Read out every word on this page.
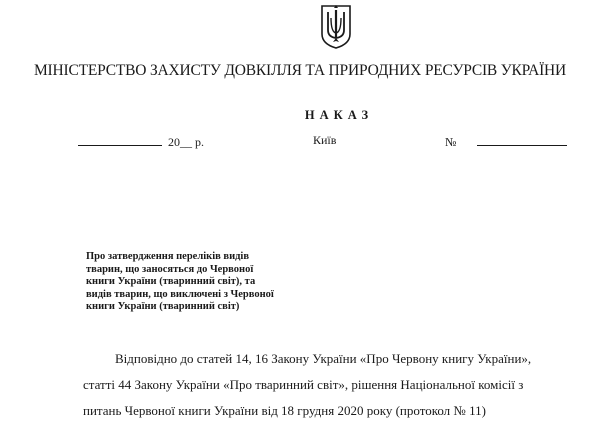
МІНІСТЕРСТВО ЗАХИСТУ ДОВКІЛЛЯ ТА ПРИРОДНИХ РЕСУРСІВ УКРАЇНИ
НАКАЗ
20__ р.	Київ	№
Про затвердження переліків видів
тварин, що заносяться до Червоної
книги України (тваринний світ), та
видів тварин, що виключені з Червоної
книги України (тваринний світ)
Відповідно до статей 14, 16 Закону України «Про Червону книгу України»,
статті 44 Закону України «Про тваринний світ», рішення Національної комісії з
питань Червоної книги України від 18 грудня 2020 року (протокол № 11)
